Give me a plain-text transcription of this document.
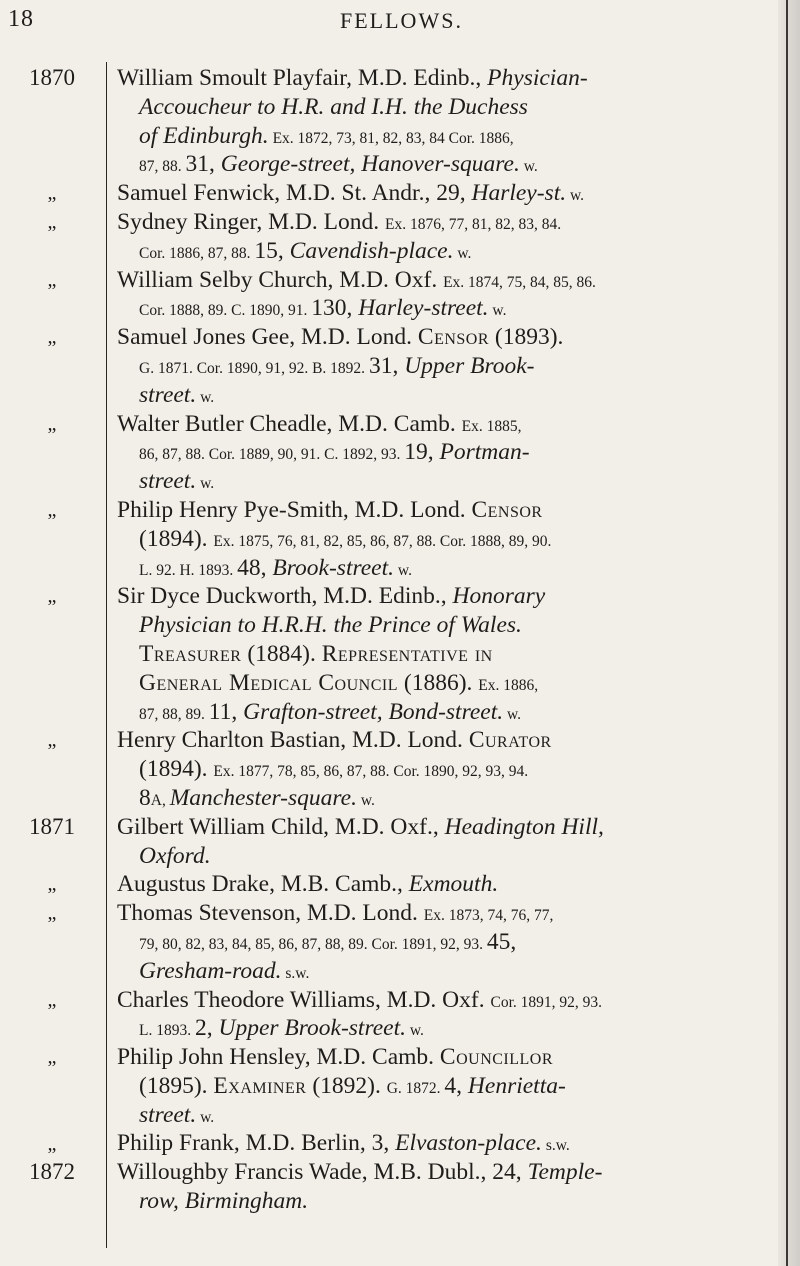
18	FELLOWS.
1870
„
„
„
„
„
„
„
„
1871
„
„
„
„
„
1872
William Smoult Playfair, M.D. Edinb., Physician-
Accoucheur to H.R. and I.H. the Duchess
of Edinburgh. Ex. 1872, 73, 81, 82, 83, 84 Cor. 1886,
87, 88. 31, George-street, Hanover-square. w.
Samuel Fenwick, M.D. St. Andr., 29, Harley-st. w.
Sydney Ringer, M.D. Lond. Ex. 1876, 77, 81, 82, 83, 84.
Cor. 1886, 87, 88. 15, Cavendish-place. w.
William Selby Church, M.D. Oxf. Ex. 1874, 75, 84, 85, 86.
Cor. 1888, 89. C. 1890, 91. 130, Harley-street. w.
Samuel Jones Gee, M.D. Lond. Censor (1893).
G. 1871. Cor. 1890, 91, 92. B. 1892. 31, Upper Brook-
street. w.
Walter Butler Cheadle, M.D. Camb. Ex. 1885,
86, 87, 88. Cor. 1889, 90, 91. C. 1892, 93. 19, Portman-
street. w.
Philip Henry Pye-Smith, M.D. Lond. Censor
(1894). Ex. 1875, 76, 81, 82, 85, 86, 87, 88. Cor. 1888, 89, 90.
L. 92. H. 1893. 48, Brook-street. w.
Sir Dyce Duckworth, M.D. Edinb., Honorary
Physician to H.R.H. the Prince of Wales.
Treasurer (1884). Representative in
General Medical Council (1886). Ex. 1886,
87, 88, 89. 11, Grafton-street, Bond-street. w.
Henry Charlton Bastian, M.D. Lond. Curator
(1894). Ex. 1877, 78, 85, 86, 87, 88. Cor. 1890, 92, 93, 94.
8A, Manchester-square. w.
Gilbert William Child, M.D. Oxf., Headington Hill,
Oxford.
Augustus Drake, M.B. Camb., Exmouth.
Thomas Stevenson, M.D. Lond. Ex. 1873, 74, 76, 77,
79, 80, 82, 83, 84, 85, 86, 87, 88, 89. Cor. 1891, 92, 93. 45,
Gresham-road. s.w.
Charles Theodore Williams, M.D. Oxf. Cor. 1891, 92, 93.
L. 1893. 2, Upper Brook-street. w.
Philip John Hensley, M.D. Camb. Councillor
(1895). Examiner (1892). G. 1872. 4, Henrietta-
street. w.
Philip Frank, M.D. Berlin, 3, Elvaston-place. s.w.
Willoughby Francis Wade, M.B. Dubl., 24, Temple-
row, Birmingham.
